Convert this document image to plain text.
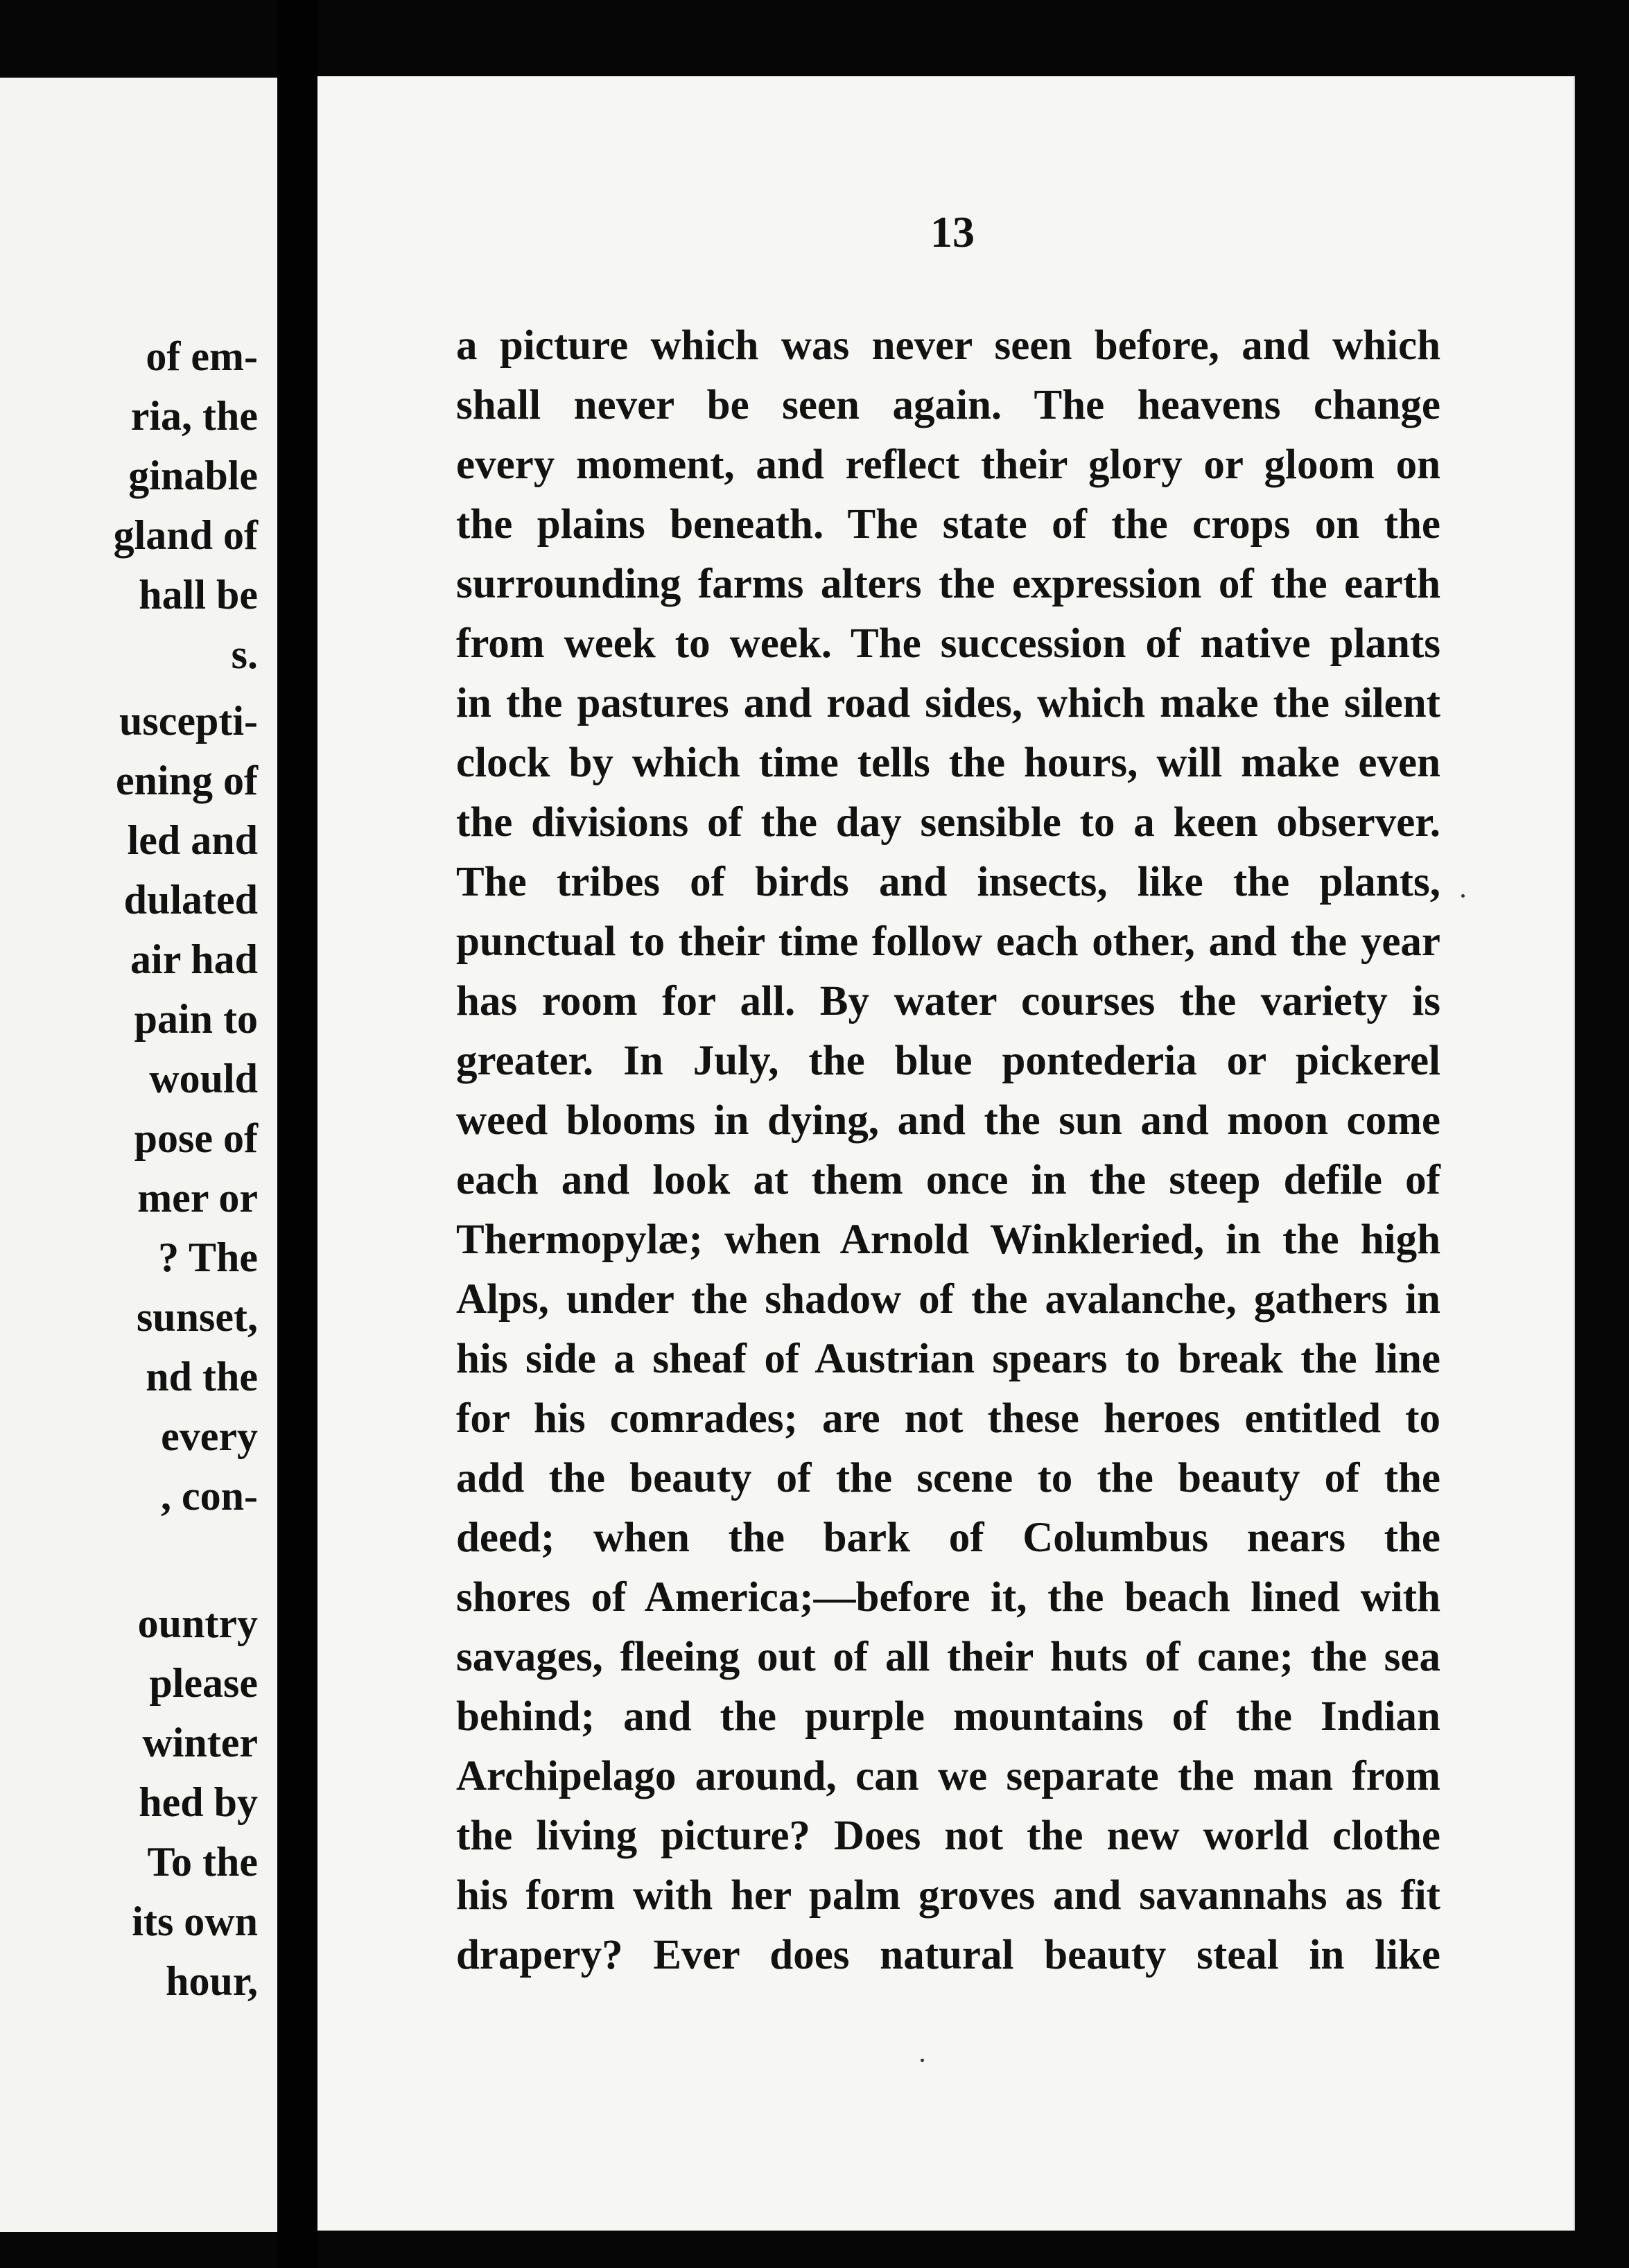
of em-
ria, the
ginable
gland of
hall be
s.
uscepti-
ening of
led and
dulated
air had
pain to
would
pose of
mer or
? The
sunset,
nd the
every
, con-
ountry
please
winter
hed by
To the
its own
hour,
13
a picture which was never seen before, and which
shall never be seen again. The heavens change
every moment, and reflect their glory or gloom on
the plains beneath. The state of the crops on the
surrounding farms alters the expression of the earth
from week to week. The succession of native plants
in the pastures and road sides, which make the silent
clock by which time tells the hours, will make even
the divisions of the day sensible to a keen observer.
The tribes of birds and insects, like the plants,
punctual to their time follow each other, and the year
has room for all. By water courses the variety is
greater. In July, the blue pontederia or pickerel
weed blooms in dying, and the sun and moon come
each and look at them once in the steep defile of
Thermopylæ; when Arnold Winkleried, in the high
Alps, under the shadow of the avalanche, gathers in
his side a sheaf of Austrian spears to break the line
for his comrades; are not these heroes entitled to
add the beauty of the scene to the beauty of the
deed; when the bark of Columbus nears the
shores of America;—before it, the beach lined with
savages, fleeing out of all their huts of cane; the sea
behind; and the purple mountains of the Indian
Archipelago around, can we separate the man from
the living picture? Does not the new world clothe
his form with her palm groves and savannahs as fit
drapery? Ever does natural beauty steal in like
